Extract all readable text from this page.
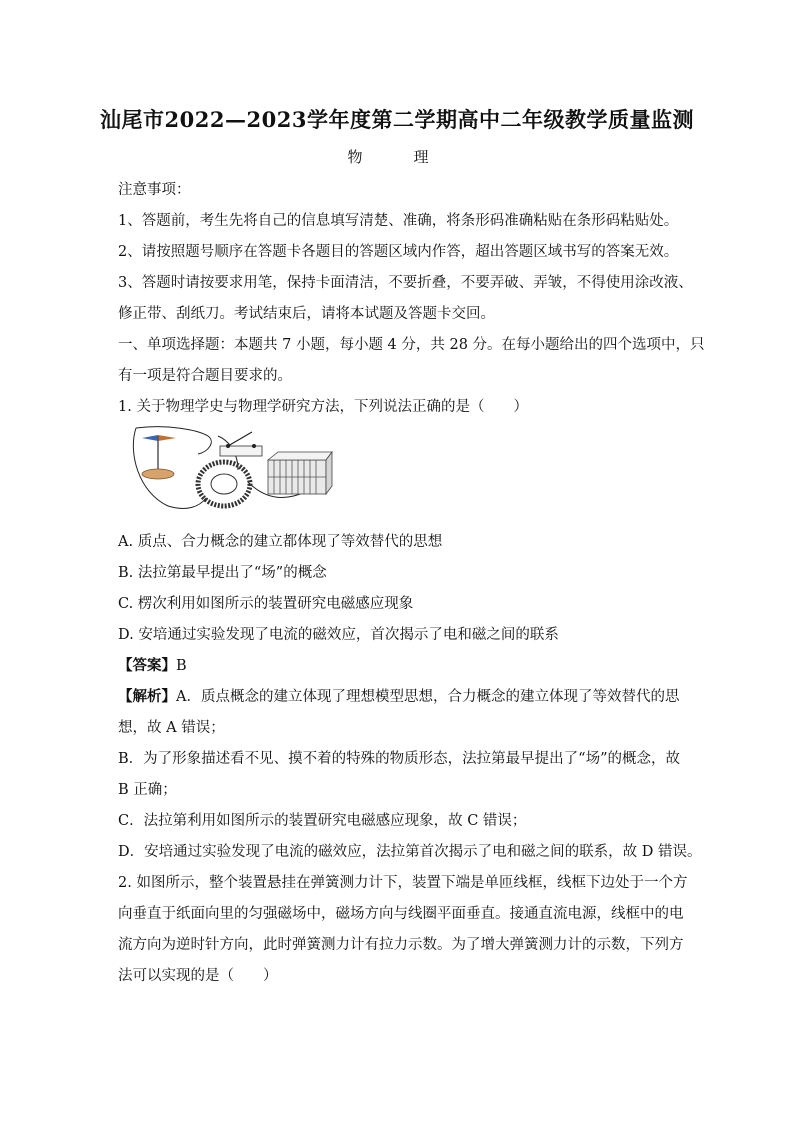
汕尾市2022—2023学年度第二学期高中二年级教学质量监测
物　理
注意事项：
1、答题前，考生先将自己的信息填写清楚、准确，将条形码准确粘贴在条形码粘贴处。
2、请按照题号顺序在答题卡各题目的答题区域内作答，超出答题区域书写的答案无效。
3、答题时请按要求用笔，保持卡面清洁，不要折叠，不要弄破、弄皱，不得使用涂改液、
修正带、刮纸刀。考试结束后，请将本试题及答题卡交回。
一、单项选择题：本题共 7 小题，每小题 4 分，共 28 分。在每小题给出的四个选项中，只
有一项是符合题目要求的。
1. 关于物理学史与物理学研究方法，下列说法正确的是（　　）
A. 质点、合力概念的建立都体现了等效替代的思想
B. 法拉第最早提出了“场”的概念
C. 楞次利用如图所示的装置研究电磁感应现象
D. 安培通过实验发现了电流的磁效应，首次揭示了电和磁之间的联系
【答案】B
【解析】A．质点概念的建立体现了理想模型思想，合力概念的建立体现了等效替代的思
想，故 A 错误；
B．为了形象描述看不见、摸不着的特殊的物质形态，法拉第最早提出了“场”的概念，故
B 正确；
C．法拉第利用如图所示的装置研究电磁感应现象，故 C 错误；
D．安培通过实验发现了电流的磁效应，法拉第首次揭示了电和磁之间的联系，故 D 错误。
2. 如图所示，整个装置悬挂在弹簧测力计下，装置下端是单匝线框，线框下边处于一个方
向垂直于纸面向里的匀强磁场中，磁场方向与线圈平面垂直。接通直流电源，线框中的电
流方向为逆时针方向，此时弹簧测力计有拉力示数。为了增大弹簧测力计的示数，下列方
法可以实现的是（　　）
